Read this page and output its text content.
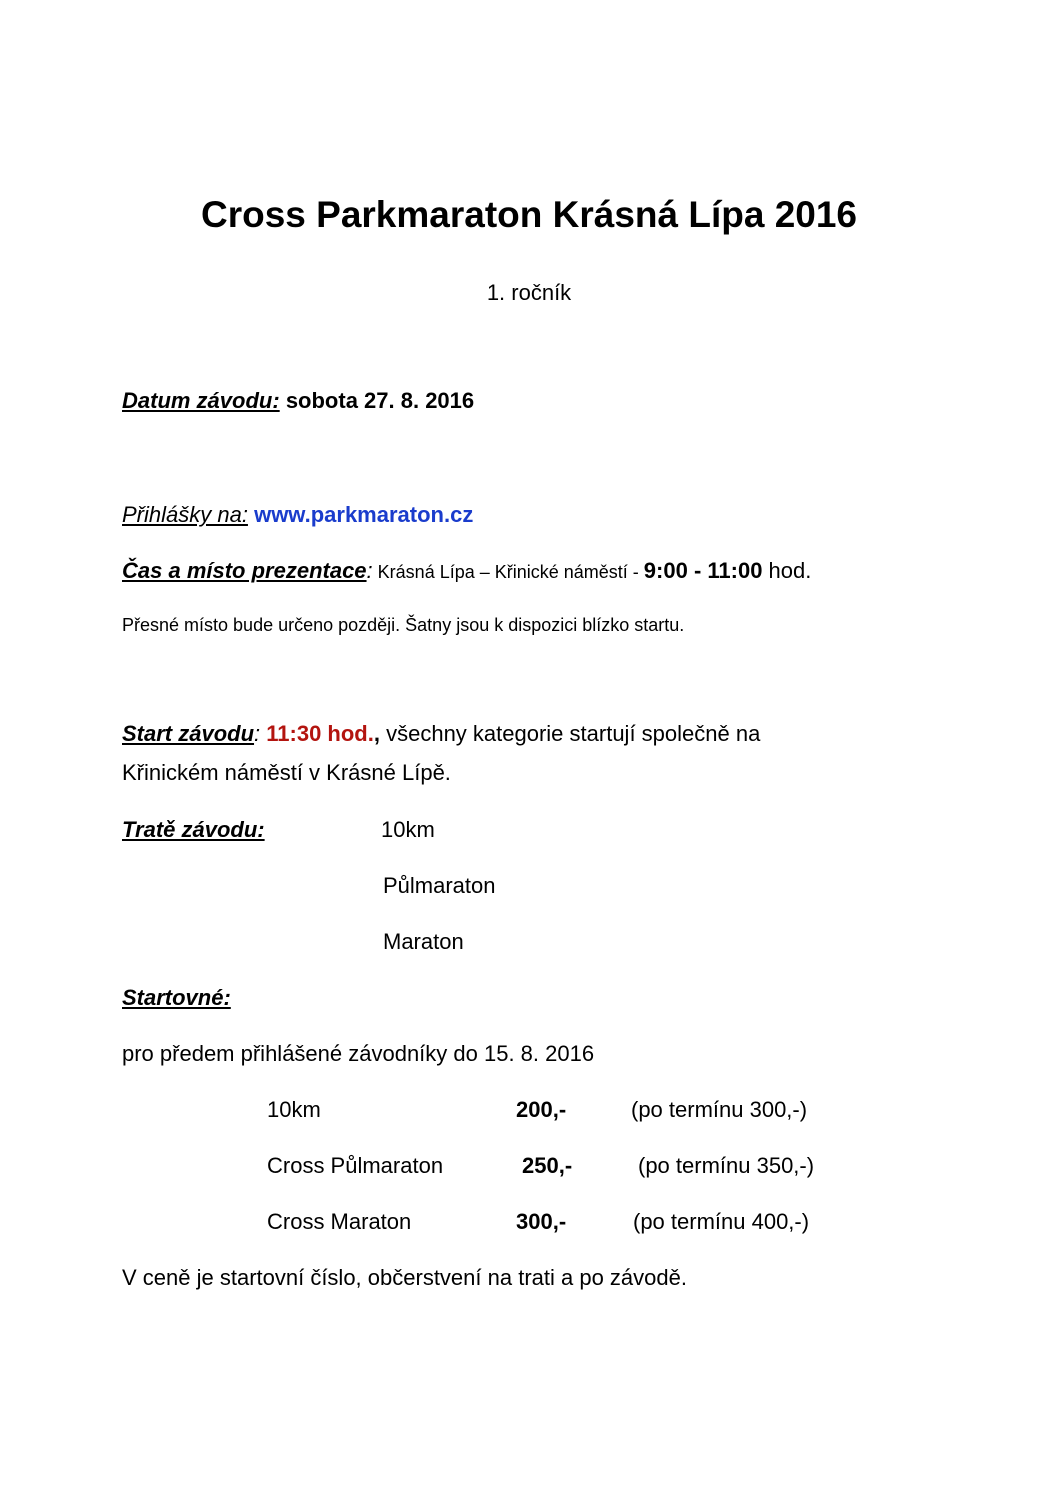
Cross Parkmaraton Krásná Lípa 2016
1. ročník
Datum závodu: sobota 27. 8. 2016
Přihlášky na: www.parkmaraton.cz
Čas a místo prezentace: Krásná Lípa – Křinické náměstí - 9:00 - 11:00 hod.
Přesné místo bude určeno později. Šatny jsou k dispozici blízko startu.
Start závodu: 11:30 hod., všechny kategorie startují společně na
Křinickém náměstí v Krásné Lípě.
Tratě závodu:	10km
Půlmaraton
Maraton
Startovné:
pro předem přihlášené závodníky do 15. 8. 2016
10km	200,-	(po termínu 300,-)
Cross Půlmaraton	250,-	(po termínu 350,-)
Cross Maraton	300,-	(po termínu 400,-)
V ceně je startovní číslo, občerstvení na trati a po závodě.
